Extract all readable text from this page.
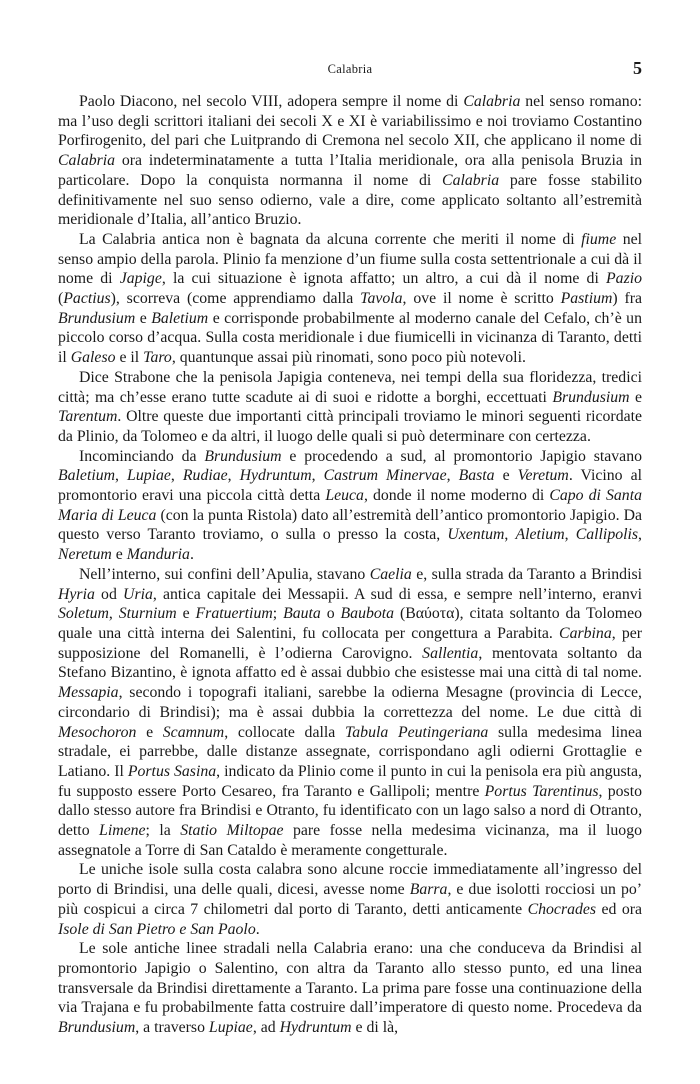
Calabria	5

Paolo Diacono, nel secolo VIII, adopera sempre il nome di Calabria nel senso romano: ma l’uso degli scrittori italiani dei secoli X e XI è variabilissimo e noi troviamo Costantino Porfirogenito, del pari che Luitprando di Cremona nel secolo XII, che applicano il nome di Calabria ora indeterminatamente a tutta l’Italia meridionale, ora alla penisola Bruzia in particolare. Dopo la conquista normanna il nome di Calabria pare fosse stabilito definitivamente nel suo senso odierno, vale a dire, come applicato soltanto all’estremità meridionale d’Italia, all’antico Bruzio.

La Calabria antica non è bagnata da alcuna corrente che meriti il nome di fiume nel senso ampio della parola. Plinio fa menzione d’un fiume sulla costa settentrionale a cui dà il nome di Japige, la cui situazione è ignota affatto; un altro, a cui dà il nome di Pazio (Pactius), scorreva (come apprendiamo dalla Tavola, ove il nome è scritto Pastium) fra Brundusium e Baletium e corrisponde probabilmente al moderno canale del Cefalo, ch’è un piccolo corso d’acqua. Sulla costa meridionale i due fiumicelli in vicinanza di Taranto, detti il Galeso e il Taro, quantunque assai più rinomati, sono poco più notevoli.

Dice Strabone che la penisola Japigia conteneva, nei tempi della sua floridezza, tredici città; ma ch’esse erano tutte scadute ai di suoi e ridotte a borghi, eccettuati Brundusium e Tarentum. Oltre queste due importanti città principali troviamo le minori seguenti ricordate da Plinio, da Tolomeo e da altri, il luogo delle quali si può determinare con certezza.

Incominciando da Brundusium e procedendo a sud, al promontorio Japigio stavano Baletium, Lupiae, Rudiae, Hydruntum, Castrum Minervae, Basta e Veretum. Vicino al promontorio eravi una piccola città detta Leuca, donde il nome moderno di Capo di Santa Maria di Leuca (con la punta Ristola) dato all’estremità dell’antico promontorio Japigio. Da questo verso Taranto troviamo, o sulla o presso la costa, Uxentum, Aletium, Callipolis, Neretum e Manduria.

Nell’interno, sui confini dell’Apulia, stavano Caelia e, sulla strada da Taranto a Brindisi Hyria od Uria, antica capitale dei Messapii. A sud di essa, e sempre nell’interno, eranvi Soletum, Sturnium e Fratuertium; Bauta o Baubota (Βαύοτα), citata soltanto da Tolomeo quale una città interna dei Salentini, fu collocata per congettura a Parabita. Carbina, per supposizione del Romanelli, è l’odierna Carovigno. Sallentia, mentovata soltanto da Stefano Bizantino, è ignota affatto ed è assai dubbio che esistesse mai una città di tal nome. Messapia, secondo i topografi italiani, sarebbe la odierna Mesagne (provincia di Lecce, circondario di Brindisi); ma è assai dubbia la correttezza del nome. Le due città di Mesochoron e Scamnum, collocate dalla Tabula Peutingeriana sulla medesima linea stradale, ei parrebbe, dalle distanze assegnate, corrispondano agli odierni Grottaglie e Latiano. Il Portus Sasina, indicato da Plinio come il punto in cui la penisola era più angusta, fu supposto essere Porto Cesareo, fra Taranto e Gallipoli; mentre Portus Tarentinus, posto dallo stesso autore fra Brindisi e Otranto, fu identificato con un lago salso a nord di Otranto, detto Limene; la Statio Miltopae pare fosse nella medesima vicinanza, ma il luogo assegnatole a Torre di San Cataldo è meramente congetturale.

Le uniche isole sulla costa calabra sono alcune roccie immediatamente all’ingresso del porto di Brindisi, una delle quali, dicesi, avesse nome Barra, e due isolotti rocciosi un po’ più cospicui a circa 7 chilometri dal porto di Taranto, detti anticamente Chocrades ed ora Isole di San Pietro e San Paolo.

Le sole antiche linee stradali nella Calabria erano: una che conduceva da Brindisi al promontorio Japigio o Salentino, con altra da Taranto allo stesso punto, ed una linea transversale da Brindisi direttamente a Taranto. La prima pare fosse una continuazione della via Trajana e fu probabilmente fatta costruire dall’imperatore di questo nome. Procedeva da Brundusium, a traverso Lupiae, ad Hydruntum e di là,
